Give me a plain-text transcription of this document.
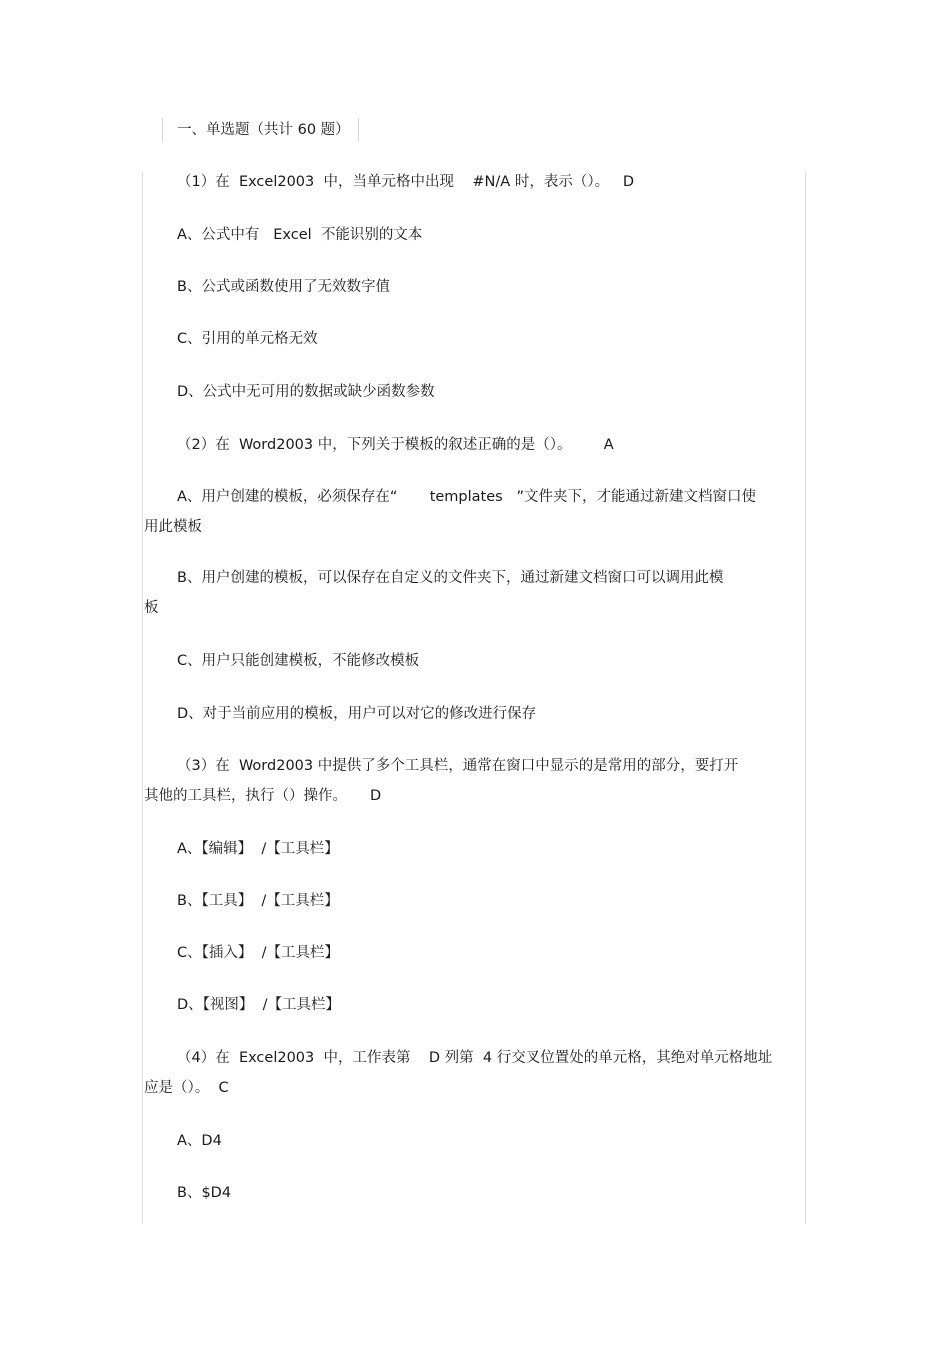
一、单选题（共计 60 题）
（1）在  Excel2003  中，当单元格中出现    #N/A 时，表示（）。   D
A、公式中有   Excel  不能识别的文本
B、公式或函数使用了无效数字值
C、引用的单元格无效
D、公式中无可用的数据或缺少函数参数
（2）在  Word2003 中，下列关于模板的叙述正确的是（）。       A
A、用户创建的模板，必须保存在“       templates   ”文件夹下，才能通过新建文档窗口使
用此模板
B、用户创建的模板，可以保存在自定义的文件夹下，通过新建文档窗口可以调用此模
板
C、用户只能创建模板，不能修改模板
D、对于当前应用的模板，用户可以对它的修改进行保存
（3）在  Word2003 中提供了多个工具栏，通常在窗口中显示的是常用的部分，要打开
其他的工具栏，执行（）操作。     D
A、【编辑】  /【工具栏】
B、【工具】  /【工具栏】
C、【插入】  /【工具栏】
D、【视图】  /【工具栏】
（4）在  Excel2003  中，工作表第    D 列第  4 行交叉位置处的单元格，其绝对单元格地址
应是（）。  C
A、D4
B、$D4
